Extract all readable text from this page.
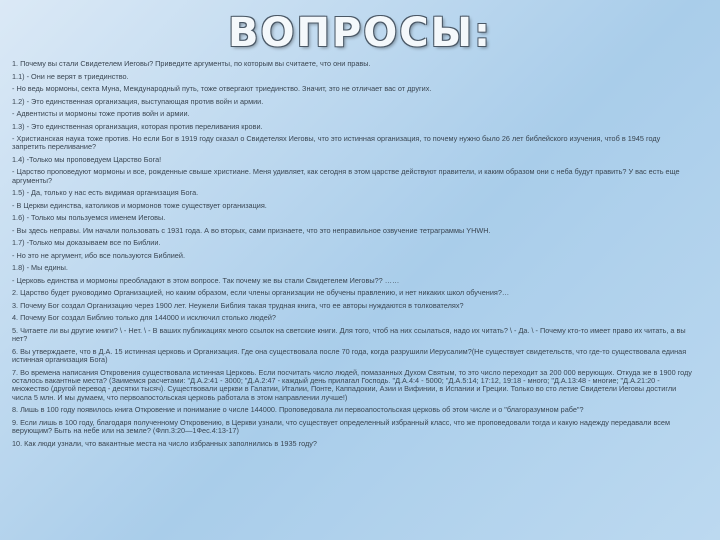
ВОПРОСЫ:

1. Почему вы стали Свидетелем Иеговы? Приведите аргументы, по которым вы считаете, что они правы.

1.1) - Они не верят в триединство.

- Но ведь мормоны, секта Муна, Международный путь, тоже отвергают триединство. Значит, это не отличает вас от других.

1.2) - Это единственная организация, выступающая против войн и армии.

- Адвентисты и мормоны тоже против войн и армии.

1.3) - Это единственная организация, которая против переливания крови.

- Христианская наука тоже против. Но если Бог в 1919 году сказал о Свидетелях Иеговы, что это истинная организация, то почему нужно было 26 лет библейского изучения, чтоб в 1945 году запретить переливание?

1.4) -Только мы проповедуем Царство Бога!

- Царство проповедуют мормоны и все, рожденные свыше христиане. Меня удивляет, как сегодня в этом царстве действуют правители, и каким образом они с неба будут править? У вас есть еще аргументы?

1.5) - Да, только у нас есть видимая организация Бога.

- В Церкви единства, католиков и мормонов тоже существует организация.

1.6) - Только мы пользуемся именем Иеговы.

- Вы здесь неправы. Им начали пользовать с 1931 года. А во вторых, сами признаете, что это неправильное озвучение тетраграммы YHWH.

1.7) -Только мы доказываем все по Библии.

- Но это не аргумент, ибо все пользуются Библией.

1.8) - Мы едины.

- Церковь единства и мормоны преобладают в этом вопросе. Так почему же вы стали Свидетелем Иеговы?? ……

2. Царство будет руководимо Организацией, но каким образом, если члены организации не обучены правлению, и нет никаких школ обучения?…

3. Почему Бог создал Организацию через 1900 лет. Неужели Библия такая трудная книга, что ее авторы нуждаются в толкователях?

4. Почему Бог создал Библию только для 144000 и исключил столько людей?

5. Читаете ли вы другие книги? \ - Нет. \ - В ваших публикациях много ссылок на светские книги. Для того, чтоб на них ссылаться, надо их читать? \ - Да. \ - Почему кто-то имеет право их читать, а вы нет?

6. Вы утверждаете, что в Д.А. 15 истинная церковь и Организация. Где она существовала после 70 года, когда разрушили Иерусалим?(Не существует свидетельств, что где-то существовала единая истинная организация Бога)

7. Во времена написания Откровения существовала истинная Церковь. Если посчитать число людей, помазанных Духом Святым, то это число переходит за 200 000 верующих. Откуда же в 1900 году осталось вакантные места? (Заимемся расчетами: "Д.А.2:41 - 3000; "Д.А.2:47 - каждый день прилагал Господь. "Д.А.4:4 - 5000; "Д.А.5:14; 17:12, 19:18 - много; "Д.А.13:48 - многие; "Д.А.21:20 - множество (другой перевод - десятки тысяч). Существовали церкви в Галатии, Италии, Понте, Каппадокии, Азии и Вифинии, в Испании и Греции. Только во сто летие Свидетели Иеговы достигли числа 5 млн. И мы думаем, что первоапостольская церковь работала в этом направлении лучше!)

8. Лишь в 100 году появилось книга Откровение и понимание о числе 144000. Проповедовала ли первоапостольская церковь об этом числе и о "благоразумном рабе"?

9. Если лишь в 100 году, благодаря полученному Откровению, в Церкви узнали, что существует определенный избранный класс, что же проповедовали тогда и какую надежду передавали всем верующим? Быть на небе или на земле? (Флп.3:20—1Фес.4:13-17)

10. Как люди узнали, что вакантные места на число избранных заполнились в 1935 году?
